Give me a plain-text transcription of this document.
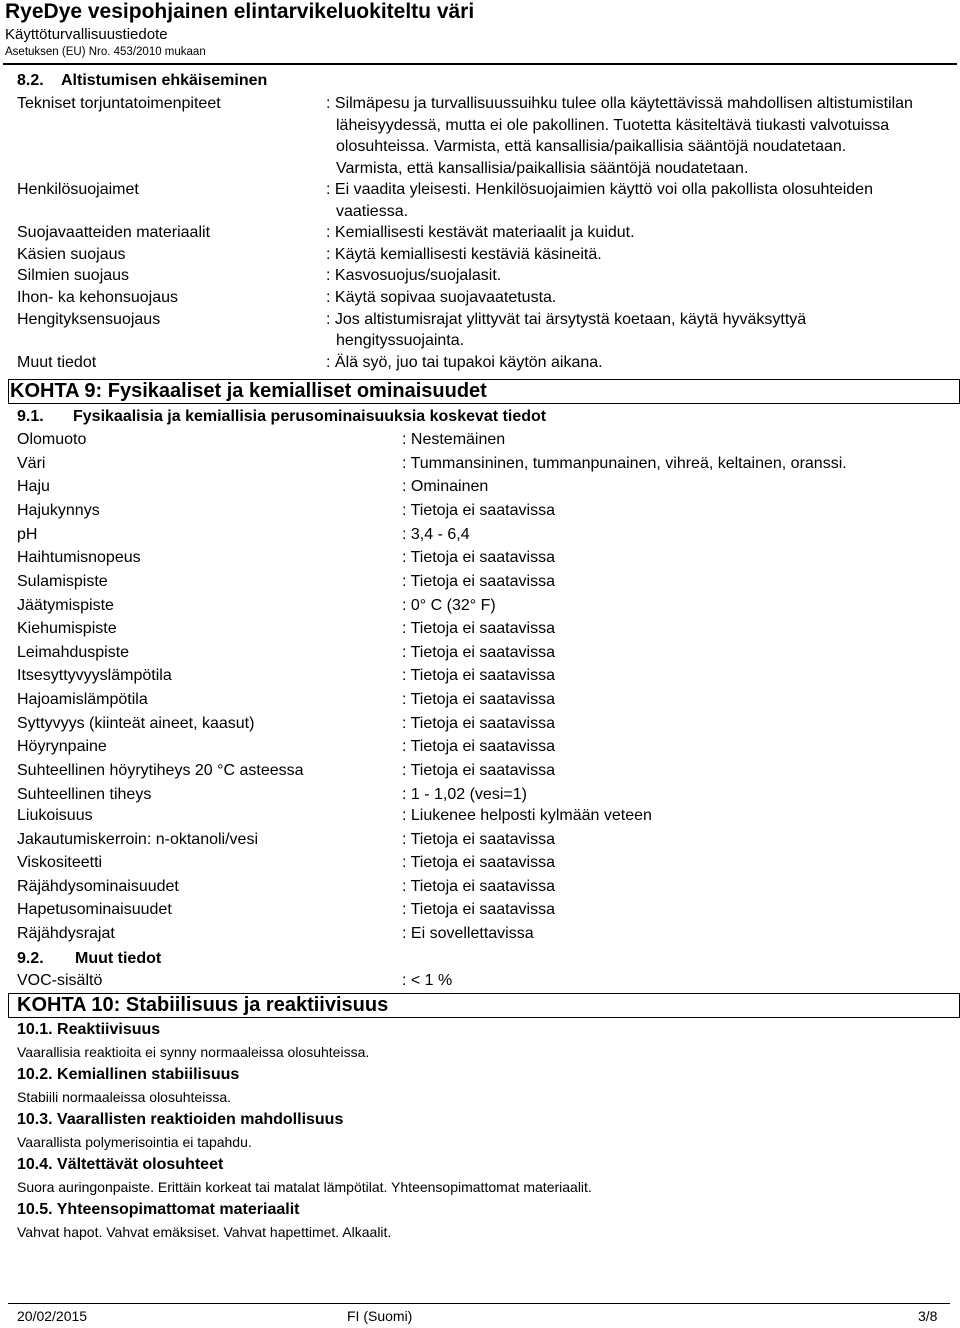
RyeDye vesipohjainen elintarvikeluokiteltu väri
Käyttöturvallisuustiedote
Asetuksen (EU) Nro. 453/2010 mukaan
8.2. Altistumisen ehkäiseminen
Tekniset torjuntatoimenpiteet	: Silmäpesu ja turvallisuussuihku tulee olla käytettävissä mahdollisen altistumistilan
läheisyydessä, mutta ei ole pakollinen. Tuotetta käsiteltävä tiukasti valvotuissa
olosuhteissa. Varmista, että kansallisia/paikallisia sääntöjä noudatetaan.
Varmista, että kansallisia/paikallisia sääntöjä noudatetaan.
Henkilösuojaimet	: Ei vaadita yleisesti. Henkilösuojaimien käyttö voi olla pakollista olosuhteiden
vaatiessa.
Suojavaatteiden materiaalit	: Kemiallisesti kestävät materiaalit ja kuidut.
Käsien suojaus	: Käytä kemiallisesti kestäviä käsineitä.
Silmien suojaus	: Kasvosuojus/suojalasit.
Ihon- ka kehonsuojaus	: Käytä sopivaa suojavaatetusta.
Hengityksensuojaus	: Jos altistumisrajat ylittyvät tai ärsytystä koetaan, käytä hyväksyttyä
hengityssuojainta.
Muut tiedot	: Älä syö, juo tai tupakoi käytön aikana.
KOHTA 9: Fysikaaliset ja kemialliset ominaisuudet
9.1. Fysikaalisia ja kemiallisia perusominaisuuksia koskevat tiedot
Olomuoto	: Nestemäinen
Väri	: Tummansininen, tummanpunainen, vihreä, keltainen, oranssi.
Haju	: Ominainen
Hajukynnys	: Tietoja ei saatavissa
pH	: 3,4 - 6,4
Haihtumisnopeus	: Tietoja ei saatavissa
Sulamispiste	: Tietoja ei saatavissa
Jäätymispiste	: 0° C (32° F)
Kiehumispiste	: Tietoja ei saatavissa
Leimahduspiste	: Tietoja ei saatavissa
Itsesyttyvyyslämpötila	: Tietoja ei saatavissa
Hajoamislämpötila	: Tietoja ei saatavissa
Syttyvyys (kiinteät aineet, kaasut)	: Tietoja ei saatavissa
Höyrynpaine	: Tietoja ei saatavissa
Suhteellinen höyrytiheys 20 °C asteessa	: Tietoja ei saatavissa
Suhteellinen tiheys	: 1 - 1,02 (vesi=1)
Liukoisuus	: Liukenee helposti kylmään veteen
Jakautumiskerroin: n-oktanoli/vesi	: Tietoja ei saatavissa
Viskositeetti	: Tietoja ei saatavissa
Räjähdysominaisuudet	: Tietoja ei saatavissa
Hapetusominaisuudet	: Tietoja ei saatavissa
Räjähdysrajat	: Ei sovellettavissa
9.2. Muut tiedot
VOC-sisältö	: < 1 %
KOHTA 10: Stabiilisuus ja reaktiivisuus
10.1. Reaktiivisuus
Vaarallisia reaktioita ei synny normaaleissa olosuhteissa.
10.2. Kemiallinen stabiilisuus
Stabiili normaaleissa olosuhteissa.
10.3. Vaarallisten reaktioiden mahdollisuus
Vaarallista polymerisointia ei tapahdu.
10.4. Vältettävät olosuhteet
Suora auringonpaiste. Erittäin korkeat tai matalat lämpötilat. Yhteensopimattomat materiaalit.
10.5. Yhteensopimattomat materiaalit
Vahvat hapot. Vahvat emäksiset. Vahvat hapettimet. Alkaalit.
20/02/2015	FI (Suomi)	3/8
